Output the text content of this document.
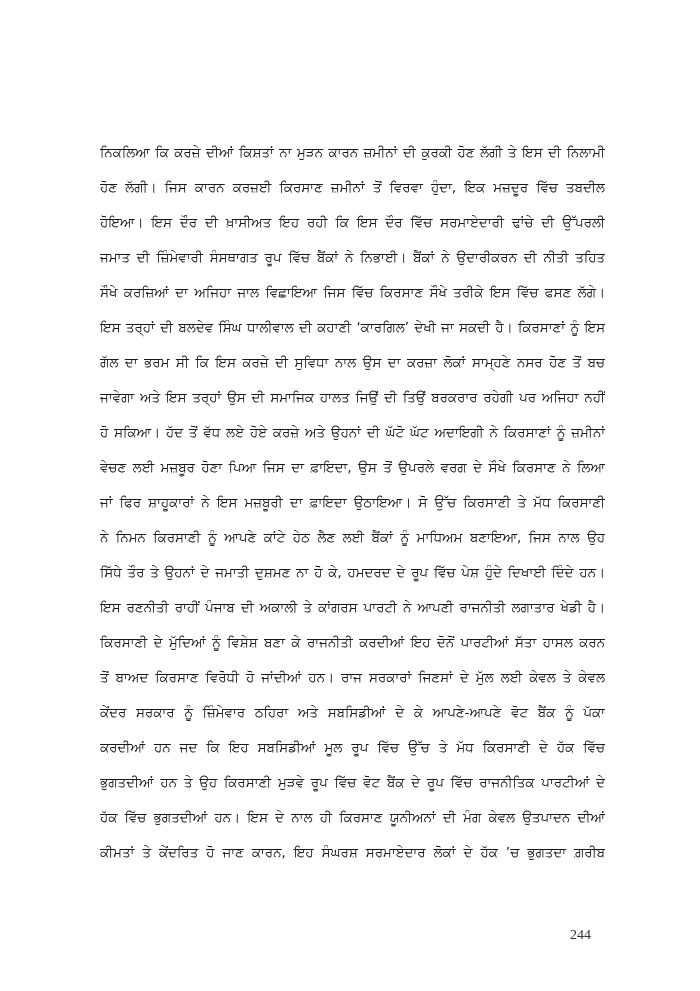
ਨਿਕਲਿਆ ਕਿ ਕਰਜ਼ੇ ਦੀਆਂ ਕਿਸ਼ਤਾਂ ਨਾ ਮੁੜਨ ਕਾਰਨ ਜ਼ਮੀਨਾਂ ਦੀ ਕੁਰਕੀ ਹੋਣ ਲੱਗੀ ਤੇ ਇਸ ਦੀ ਨਿਲਾਮੀ
ਹੋਣ ਲੱਗੀ। ਜਿਸ ਕਾਰਨ ਕਰਜ਼ਈ ਕਿਰਸਾਣ ਜ਼ਮੀਨਾਂ ਤੋਂ ਵਿਰਵਾ ਹੁੰਦਾ, ਇਕ ਮਜ਼ਦੂਰ ਵਿੱਚ ਤਬਦੀਲ
ਹੋਇਆ। ਇਸ ਦੌਰ ਦੀ ਖ਼ਾਸੀਅਤ ਇਹ ਰਹੀ ਕਿ ਇਸ ਦੌਰ ਵਿੱਚ ਸਰਮਾਏਦਾਰੀ ਢਾਂਚੇ ਦੀ ਉੱਪਰਲੀ
ਜਮਾਤ ਦੀ ਜ਼ਿੰਮੇਵਾਰੀ ਸੰਸਥਾਗਤ ਰੂਪ ਵਿੱਚ ਬੈਂਕਾਂ ਨੇ ਨਿਭਾਈ। ਬੈਂਕਾਂ ਨੇ ਉਦਾਰੀਕਰਨ ਦੀ ਨੀਤੀ ਤਹਿਤ
ਸੌਖੇ ਕਰਜ਼ਿਆਂ ਦਾ ਅਜਿਹਾ ਜਾਲ ਵਿਛਾਇਆ ਜਿਸ ਵਿੱਚ ਕਿਰਸਾਣ ਸੌਖੇ ਤਰੀਕੇ ਇਸ ਵਿੱਚ ਫਸਣ ਲੱਗੇ।
ਇਸ ਤਰ੍ਹਾਂ ਦੀ ਬਲਦੇਵ ਸਿੰਘ ਧਾਲੀਵਾਲ ਦੀ ਕਹਾਣੀ ‘ਕਾਰਗਿਲ’ ਦੇਖੀ ਜਾ ਸਕਦੀ ਹੈ। ਕਿਰਸਾਣਾਂ ਨੂੰ ਇਸ
ਗੱਲ ਦਾ ਭਰਮ ਸੀ ਕਿ ਇਸ ਕਰਜ਼ੇ ਦੀ ਸੁਵਿਧਾ ਨਾਲ ਉਸ ਦਾ ਕਰਜ਼ਾ ਲੋਕਾਂ ਸਾਮ੍ਹਣੇ ਨਸਰ ਹੋਣ ਤੋਂ ਬਚ
ਜਾਵੇਗਾ ਅਤੇ ਇਸ ਤਰ੍ਹਾਂ ਉਸ ਦੀ ਸਮਾਜਿਕ ਹਾਲਤ ਜਿਉਂ ਦੀ ਤਿਉਂ ਬਰਕਰਾਰ ਰਹੇਗੀ ਪਰ ਅਜਿਹਾ ਨਹੀਂ
ਹੋ ਸਕਿਆ। ਹੱਦ ਤੋਂ ਵੱਧ ਲਏ ਹੋਏ ਕਰਜ਼ੇ ਅਤੇ ਉਹਨਾਂ ਦੀ ਘੱਟੋ ਘੱਟ ਅਦਾਇਗੀ ਨੇ ਕਿਰਸਾਣਾਂ ਨੂੰ ਜ਼ਮੀਨਾਂ
ਵੇਚਣ ਲਈ ਮਜ਼ਬੂਰ ਹੋਣਾ ਪਿਆ ਜਿਸ ਦਾ ਫ਼ਾਇਦਾ, ਉਸ ਤੋਂ ਉਪਰਲੇ ਵਰਗ ਦੇ ਸੌਖੇ ਕਿਰਸਾਣ ਨੇ ਲਿਆ
ਜਾਂ ਫਿਰ ਸ਼ਾਹੂਕਾਰਾਂ ਨੇ ਇਸ ਮਜ਼ਬੂਰੀ ਦਾ ਫ਼ਾਇਦਾ ਉਠਾਇਆ। ਸੋ ਉੱਚ ਕਿਰਸਾਣੀ ਤੇ ਮੱਧ ਕਿਰਸਾਣੀ
ਨੇ ਨਿਮਨ ਕਿਰਸਾਣੀ ਨੂੰ ਆਪਣੇ ਕਾਂਟੇ ਹੇਠ ਲੈਣ ਲਈ ਬੈਂਕਾਂ ਨੂੰ ਮਾਧਿਅਮ ਬਣਾਇਆ, ਜਿਸ ਨਾਲ ਉਹ
ਸਿੱਧੇ ਤੌਰ ਤੇ ਉਹਨਾਂ ਦੇ ਜਮਾਤੀ ਦੁਸ਼ਮਣ ਨਾ ਹੋ ਕੇ, ਹਮਦਰਦ ਦੇ ਰੂਪ ਵਿੱਚ ਪੇਸ਼ ਹੁੰਦੇ ਦਿਖਾਈ ਦਿੰਦੇ ਹਨ।
ਇਸ ਰਣਨੀਤੀ ਰਾਹੀਂ ਪੰਜਾਬ ਦੀ ਅਕਾਲੀ ਤੇ ਕਾਂਗਰਸ ਪਾਰਟੀ ਨੇ ਆਪਣੀ ਰਾਜਨੀਤੀ ਲਗਾਤਾਰ ਖੇਡੀ ਹੈ।
ਕਿਰਸਾਣੀ ਦੇ ਮੁੱਦਿਆਂ ਨੂੰ ਵਿਸ਼ੇਸ਼ ਬਣਾ ਕੇ ਰਾਜਨੀਤੀ ਕਰਦੀਆਂ ਇਹ ਦੋਨੋਂ ਪਾਰਟੀਆਂ ਸੱਤਾ ਹਾਸਲ ਕਰਨ
ਤੋਂ ਬਾਅਦ ਕਿਰਸਾਣ ਵਿਰੋਧੀ ਹੋ ਜਾਂਦੀਆਂ ਹਨ। ਰਾਜ ਸਰਕਾਰਾਂ ਜਿਣਸਾਂ ਦੇ ਮੁੱਲ ਲਈ ਕੇਵਲ ਤੇ ਕੇਵਲ
ਕੇਂਦਰ ਸਰਕਾਰ ਨੂੰ ਜ਼ਿੰਮੇਵਾਰ ਠਹਿਰਾ ਅਤੇ ਸਬਸਿਡੀਆਂ ਦੇ ਕੇ ਆਪਣੇ-ਆਪਣੇ ਵੋਟ ਬੈਂਕ ਨੂੰ ਪੱਕਾ
ਕਰਦੀਆਂ ਹਨ ਜਦ ਕਿ ਇਹ ਸਬਸਿਡੀਆਂ ਮੂਲ ਰੂਪ ਵਿੱਚ ਉੱਚ ਤੇ ਮੱਧ ਕਿਰਸਾਣੀ ਦੇ ਹੱਕ ਵਿੱਚ
ਭੁਗਤਦੀਆਂ ਹਨ ਤੇ ਉਹ ਕਿਰਸਾਣੀ ਮੁੜਵੇ ਰੂਪ ਵਿੱਚ ਵੋਟ ਬੈਂਕ ਦੇ ਰੂਪ ਵਿੱਚ ਰਾਜਨੀਤਿਕ ਪਾਰਟੀਆਂ ਦੇ
ਹੱਕ ਵਿੱਚ ਭੁਗਤਦੀਆਂ ਹਨ। ਇਸ ਦੇ ਨਾਲ ਹੀ ਕਿਰਸਾਣ ਯੂਨੀਅਨਾਂ ਦੀ ਮੰਗ ਕੇਵਲ ਉਤਪਾਦਨ ਦੀਆਂ
ਕੀਮਤਾਂ ਤੇ ਕੇਂਦਰਿਤ ਹੋ ਜਾਣ ਕਾਰਨ, ਇਹ ਸੰਘਰਸ਼ ਸਰਮਾਏਦਾਰ ਲੋਕਾਂ ਦੇ ਹੱਕ ’ਚ ਭੁਗਤਦਾ ਗ਼ਰੀਬ
244
